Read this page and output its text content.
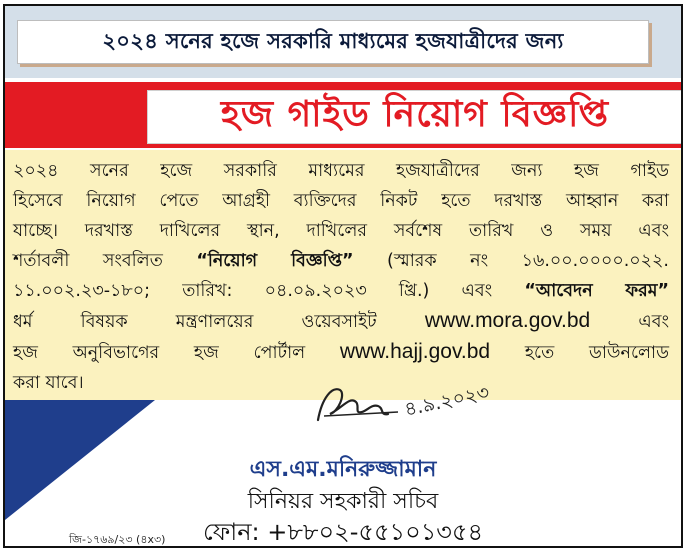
২০২৪ সনের হজে সরকারি মাধ্যমের হজযাত্রীদের জন্য
হজ গাইড নিয়োগ বিজ্ঞপ্তি
২০২৪ সনের হজে সরকারি মাধ্যমের হজযাত্রীদের জন্য হজ গাইড
হিসেবে নিয়োগ পেতে আগ্রহী ব্যক্তিদের নিকট হতে দরখাস্ত আহ্বান করা
যাচ্ছে। দরখাস্ত দাখিলের স্থান, দাখিলের সর্বশেষ তারিখ ও সময় এবং
শর্তাবলী সংবলিত “নিয়োগ বিজ্ঞপ্তি” (স্মারক নং ১৬.০০.০০০০.০২২.
১১.০০২.২৩-১৮০; তারিখ: ০৪.০৯.২০২৩ খ্রি.) এবং “আবেদন ফরম”
ধর্ম বিষয়ক মন্ত্রণালয়ের ওয়েবসাইট www.mora.gov.bd এবং
হজ অনুবিভাগের হজ পোর্টাল www.hajj.gov.bd হতে ডাউনলোড
করা যাবে।	৪.৯.২০২৩
এস.এম.মনিরুজ্জামান
সিনিয়র সহকারী সচিব
ফোন: +৮৮০২-৫৫১০১৩৫৪
জি-১৭৬৯/২৩ (৪x৩)
